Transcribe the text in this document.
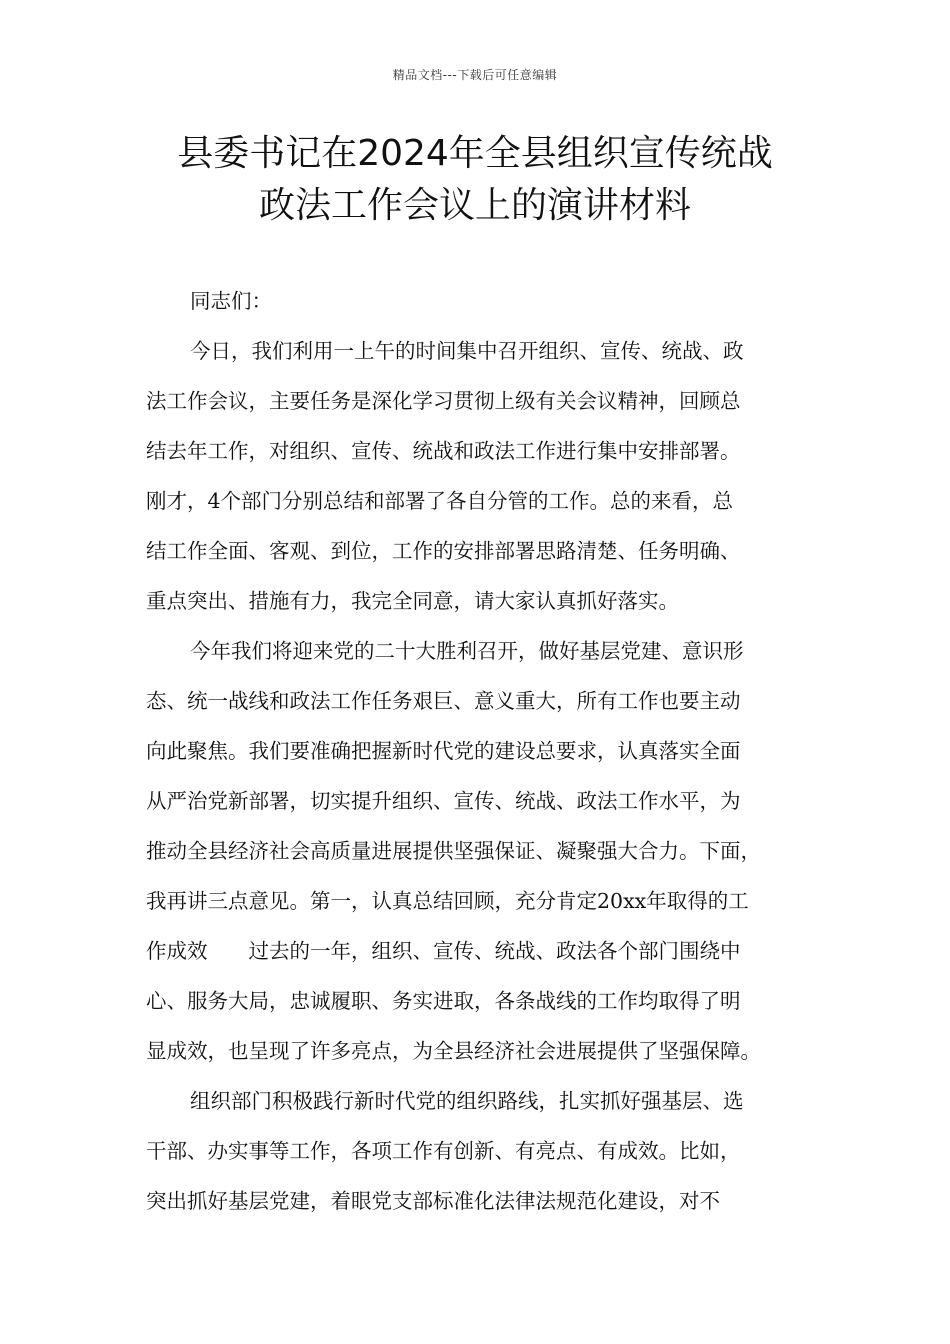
精品文档---下载后可任意编辑
县委书记在2024年全县组织宣传统战
政法工作会议上的演讲材料
同志们：
今日，我们利用一上午的时间集中召开组织、宣传、统战、政
法工作会议，主要任务是深化学习贯彻上级有关会议精神，回顾总
结去年工作，对组织、宣传、统战和政法工作进行集中安排部署。
刚才，4个部门分别总结和部署了各自分管的工作。总的来看，总
结工作全面、客观、到位，工作的安排部署思路清楚、任务明确、
重点突出、措施有力，我完全同意，请大家认真抓好落实。
今年我们将迎来党的二十大胜利召开，做好基层党建、意识形
态、统一战线和政法工作任务艰巨、意义重大，所有工作也要主动
向此聚焦。我们要准确把握新时代党的建设总要求，认真落实全面
从严治党新部署，切实提升组织、宣传、统战、政法工作水平，为
推动全县经济社会高质量进展提供坚强保证、凝聚强大合力。下面，
我再讲三点意见。第一，认真总结回顾，充分肯定20xx年取得的工
作成效　　过去的一年，组织、宣传、统战、政法各个部门围绕中
心、服务大局，忠诚履职、务实进取，各条战线的工作均取得了明
显成效，也呈现了许多亮点，为全县经济社会进展提供了坚强保障。
组织部门积极践行新时代党的组织路线，扎实抓好强基层、选
干部、办实事等工作，各项工作有创新、有亮点、有成效。比如，
突出抓好基层党建，着眼党支部标准化法律法规范化建设，对不
